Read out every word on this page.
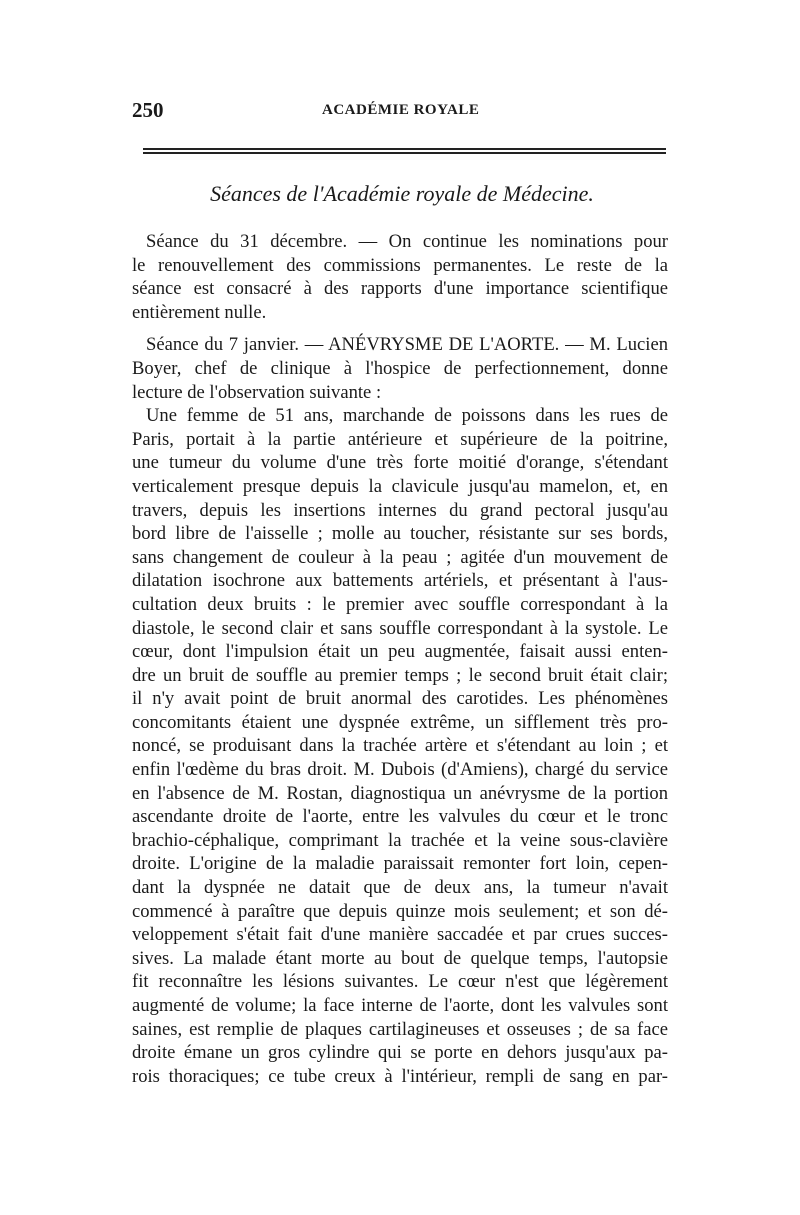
250	ACADÉMIE ROYALE
Séances de l'Académie royale de Médecine.
Séance du 31 décembre. — On continue les nominations pour
le renouvellement des commissions permanentes. Le reste de la
séance est consacré à des rapports d'une importance scientifique
entièrement nulle.
Séance du 7 janvier. — ANÉVRYSME DE L'AORTE. — M. Lucien
Boyer, chef de clinique à l'hospice de perfectionnement, donne
lecture de l'observation suivante :
Une femme de 51 ans, marchande de poissons dans les rues de
Paris, portait à la partie antérieure et supérieure de la poitrine,
une tumeur du volume d'une très forte moitié d'orange, s'étendant
verticalement presque depuis la clavicule jusqu'au mamelon, et, en
travers, depuis les insertions internes du grand pectoral jusqu'au
bord libre de l'aisselle ; molle au toucher, résistante sur ses bords,
sans changement de couleur à la peau ; agitée d'un mouvement de
dilatation isochrone aux battements artériels, et présentant à l'aus-
cultation deux bruits : le premier avec souffle correspondant à la
diastole, le second clair et sans souffle correspondant à la systole. Le
cœur, dont l'impulsion était un peu augmentée, faisait aussi enten-
dre un bruit de souffle au premier temps ; le second bruit était clair;
il n'y avait point de bruit anormal des carotides. Les phénomènes
concomitants étaient une dyspnée extrême, un sifflement très pro-
noncé, se produisant dans la trachée artère et s'étendant au loin ; et
enfin l'œdème du bras droit. M. Dubois (d'Amiens), chargé du service
en l'absence de M. Rostan, diagnostiqua un anévrysme de la portion
ascendante droite de l'aorte, entre les valvules du cœur et le tronc
brachio-céphalique, comprimant la trachée et la veine sous-clavière
droite. L'origine de la maladie paraissait remonter fort loin, cepen-
dant la dyspnée ne datait que de deux ans, la tumeur n'avait
commencé à paraître que depuis quinze mois seulement; et son dé-
veloppement s'était fait d'une manière saccadée et par crues succes-
sives. La malade étant morte au bout de quelque temps, l'autopsie
fit reconnaître les lésions suivantes. Le cœur n'est que légèrement
augmenté de volume; la face interne de l'aorte, dont les valvules sont
saines, est remplie de plaques cartilagineuses et osseuses ; de sa face
droite émane un gros cylindre qui se porte en dehors jusqu'aux pa-
rois thoraciques; ce tube creux à l'intérieur, rempli de sang en par-
